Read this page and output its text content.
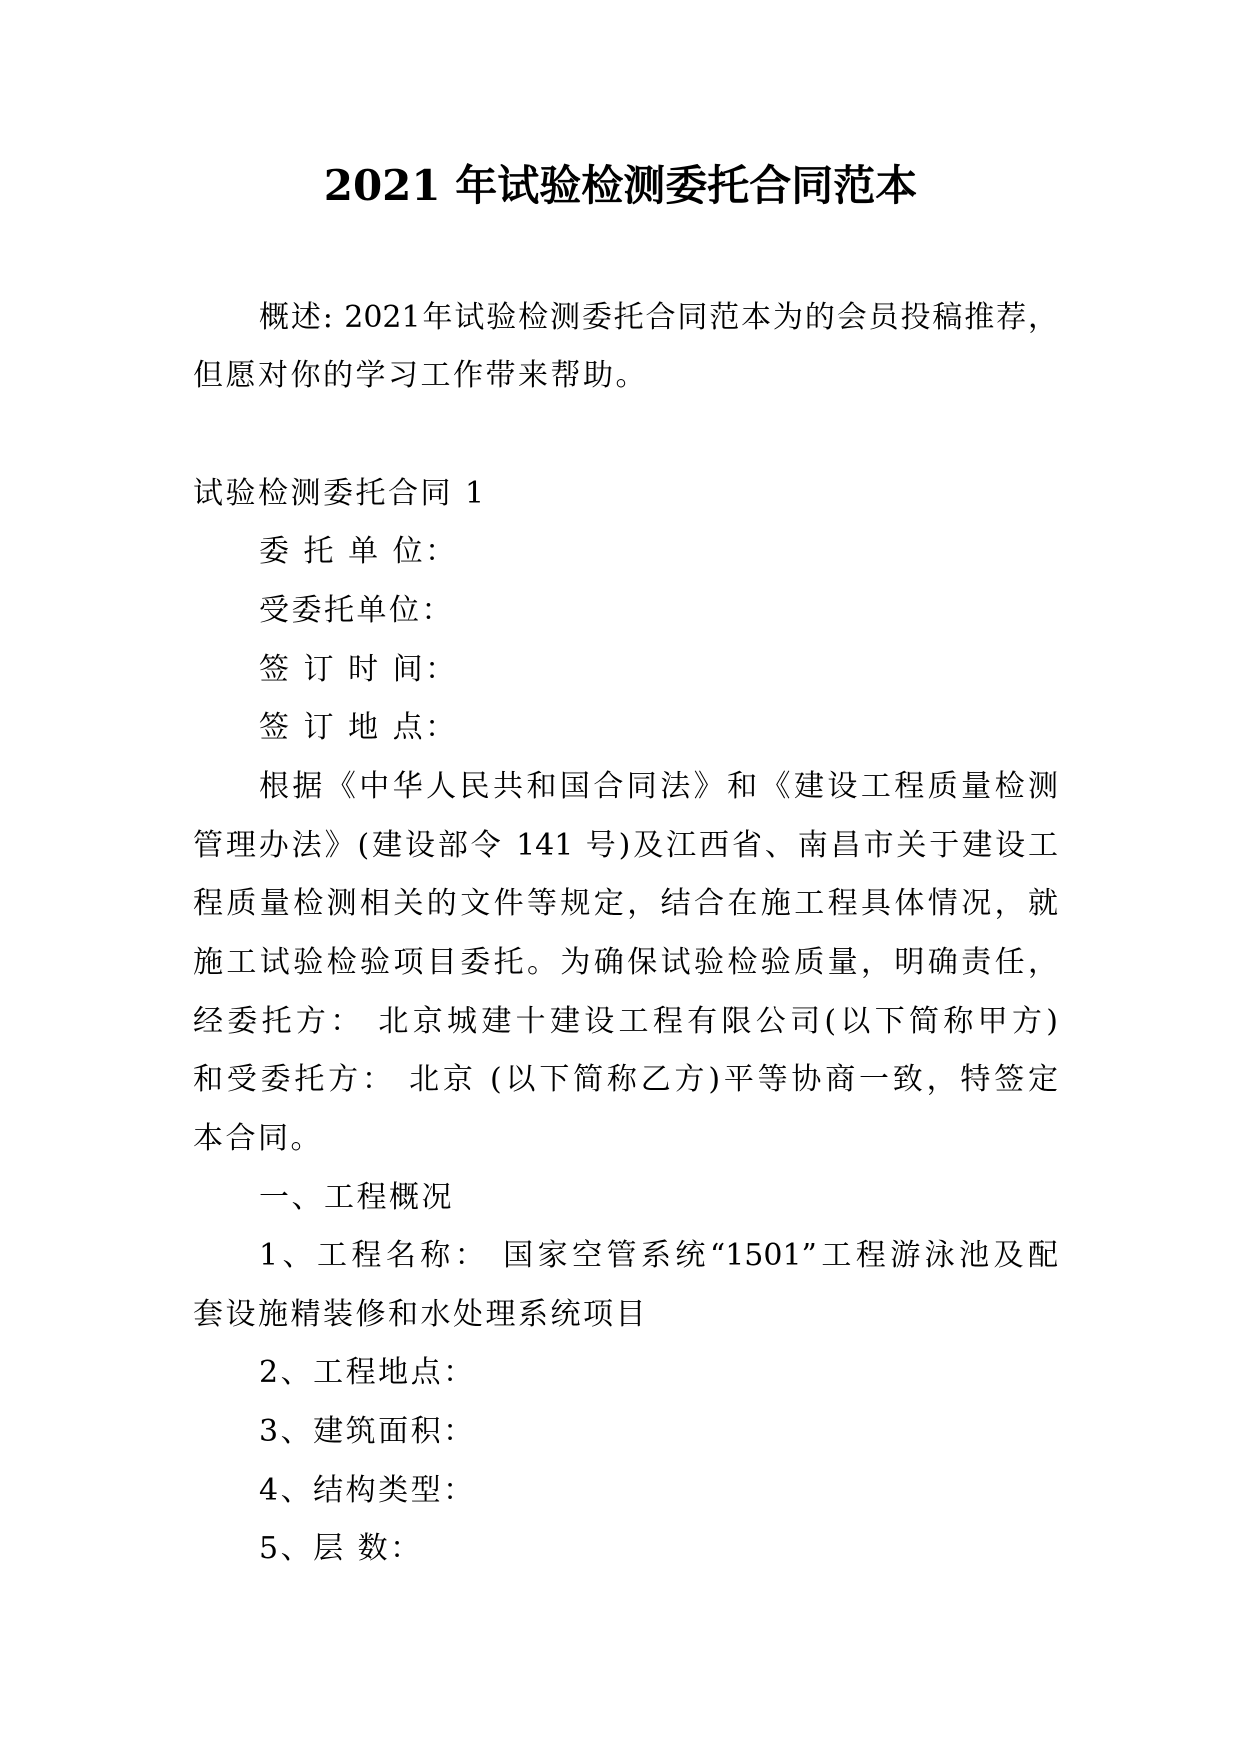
2021 年试验检测委托合同范本
概述: 2021年试验检测委托合同范本为的会员投稿推荐，
但愿对你的学习工作带来帮助。
试验检测委托合同 1
委 托 单 位：
受委托单位：
签 订 时 间：
签 订 地 点：
根据《中华人民共和国合同法》和《建设工程质量检测
管理办法》(建设部令 141 号)及江西省、南昌市关于建设工
程质量检测相关的文件等规定，结合在施工程具体情况，就
施工试验检验项目委托。为确保试验检验质量，明确责任，
经委托方： 北京城建十建设工程有限公司(以下简称甲方)
和受委托方： 北京 (以下简称乙方)平等协商一致，特签定
本合同。
一、工程概况
1、工程名称： 国家空管系统“1501”工程游泳池及配
套设施精装修和水处理系统项目
2、工程地点：
3、建筑面积：
4、结构类型：
5、层 数：
